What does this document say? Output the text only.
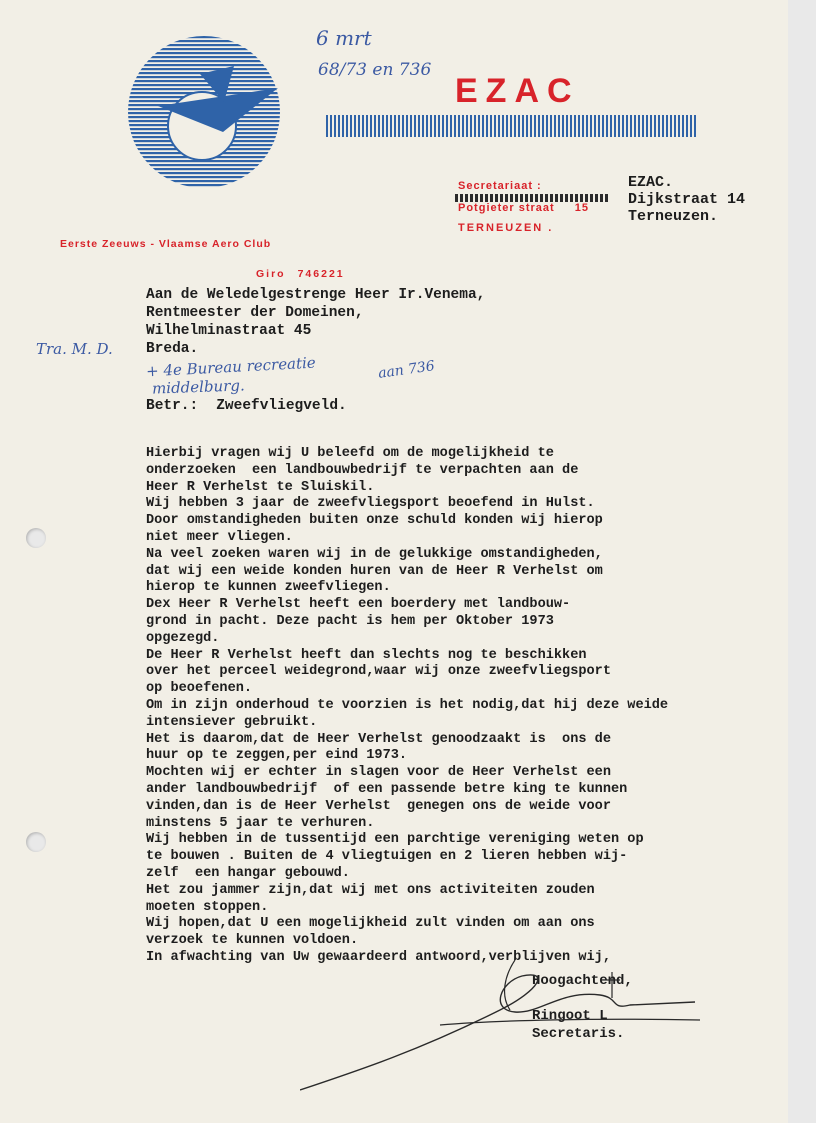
EZAC
Secretariaat :
Potgieter straat 15
TERNEUZEN .
EZAC.
Dijkstraat 14
Terneuzen.
Eerste Zeeuws - Vlaamse Aero Club
Giro 746221
6 mrt
68/73 en 736
Tra. M. D.
+ 4e Bureau recreatie
middelburg.
aan 736
Aan de Weledelgestrenge Heer Ir.Venema,
Rentmeester der Domeinen,
Wilhelminastraat 45
Breda.
Betr.: Zweefvliegveld.
Hierbij vragen wij U beleefd om de mogelijkheid te
onderzoeken  een landbouwbedrijf te verpachten aan de
Heer R Verhelst te Sluiskil.
Wij hebben 3 jaar de zweefvliegsport beoefend in Hulst.
Door omstandigheden buiten onze schuld konden wij hierop
niet meer vliegen.
Na veel zoeken waren wij in de gelukkige omstandigheden,
dat wij een weide konden huren van de Heer R Verhelst om
hierop te kunnen zweefvliegen.
Dex Heer R Verhelst heeft een boerdery met landbouw-
grond in pacht. Deze pacht is hem per Oktober 1973
opgezegd.
De Heer R Verhelst heeft dan slechts nog te beschikken
over het perceel weidegrond,waar wij onze zweefvliegsport
op beoefenen.
Om in zijn onderhoud te voorzien is het nodig,dat hij deze weide
intensiever gebruikt.
Het is daarom,dat de Heer Verhelst genoodzaakt is  ons de
huur op te zeggen,per eind 1973.
Mochten wij er echter in slagen voor de Heer Verhelst een
ander landbouwbedrijf  of een passende betre king te kunnen
vinden,dan is de Heer Verhelst  genegen ons de weide voor
minstens 5 jaar te verhuren.
Wij hebben in de tussentijd een parchtige vereniging weten op
te bouwen . Buiten de 4 vliegtuigen en 2 lieren hebben wij-
zelf  een hangar gebouwd.
Het zou jammer zijn,dat wij met ons activiteiten zouden
moeten stoppen.
Wij hopen,dat U een mogelijkheid zult vinden om aan ons
verzoek te kunnen voldoen.
In afwachting van Uw gewaardeerd antwoord,verblijven wij,
Hoogachtend,
Ringoot L
Secretaris.
